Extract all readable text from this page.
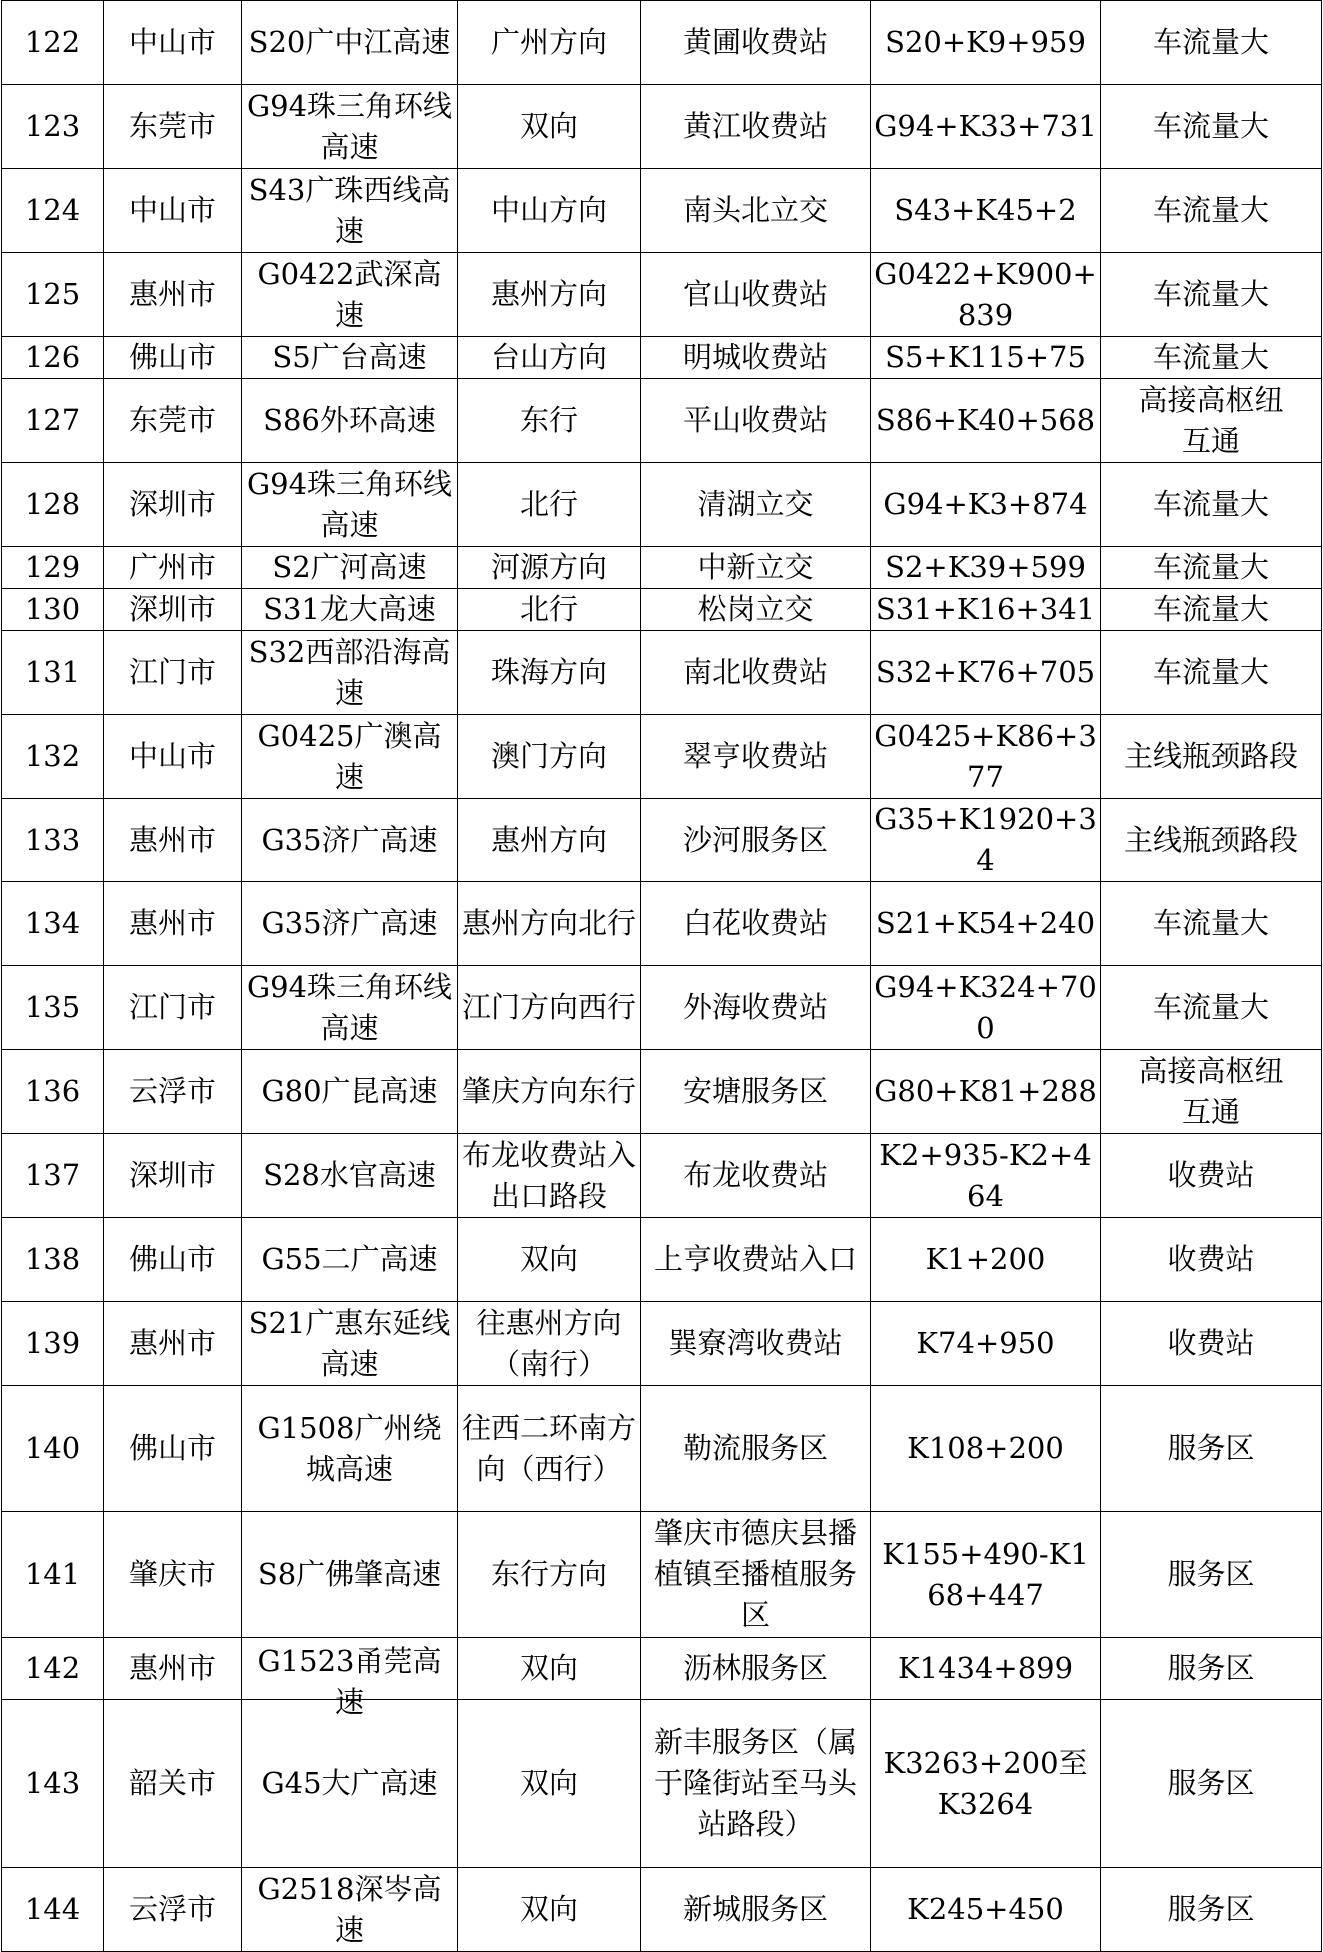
122	中山市	S20广中江高速	广州方向	黄圃收费站	S20+K9+959	车流量大
123	东莞市	G94珠三角环线高速	双向	黄江收费站	G94+K33+731	车流量大
124	中山市	S43广珠西线高速	中山方向	南头北立交	S43+K45+2	车流量大
125	惠州市	G0422武深高速	惠州方向	官山收费站	G0422+K900+839	车流量大
126	佛山市	S5广台高速	台山方向	明城收费站	S5+K115+75	车流量大
127	东莞市	S86外环高速	东行	平山收费站	S86+K40+568	高接高枢纽互通
128	深圳市	G94珠三角环线高速	北行	清湖立交	G94+K3+874	车流量大
129	广州市	S2广河高速	河源方向	中新立交	S2+K39+599	车流量大
130	深圳市	S31龙大高速	北行	松岗立交	S31+K16+341	车流量大
131	江门市	S32西部沿海高速	珠海方向	南北收费站	S32+K76+705	车流量大
132	中山市	G0425广澳高速	澳门方向	翠亨收费站	G0425+K86+377	主线瓶颈路段
133	惠州市	G35济广高速	惠州方向	沙河服务区	G35+K1920+34	主线瓶颈路段
134	惠州市	G35济广高速	惠州方向北行	白花收费站	S21+K54+240	车流量大
135	江门市	G94珠三角环线高速	江门方向西行	外海收费站	G94+K324+700	车流量大
136	云浮市	G80广昆高速	肇庆方向东行	安塘服务区	G80+K81+288	高接高枢纽互通
137	深圳市	S28水官高速	布龙收费站入出口路段	布龙收费站	K2+935-K2+464	收费站
138	佛山市	G55二广高速	双向	上亨收费站入口	K1+200	收费站
139	惠州市	S21广惠东延线高速	往惠州方向（南行）	巽寮湾收费站	K74+950	收费站
140	佛山市	G1508广州绕城高速	往西二环南方向（西行）	勒流服务区	K108+200	服务区
141	肇庆市	S8广佛肇高速	东行方向	肇庆市德庆县播植镇至播植服务区	K155+490-K168+447	服务区
142	惠州市	G1523甬莞高速	双向	沥林服务区	K1434+899	服务区
143	韶关市	G45大广高速	双向	新丰服务区（属于隆街站至马头站路段）	K3263+200至K3264	服务区
144	云浮市	G2518深岑高速	双向	新城服务区	K245+450	服务区
